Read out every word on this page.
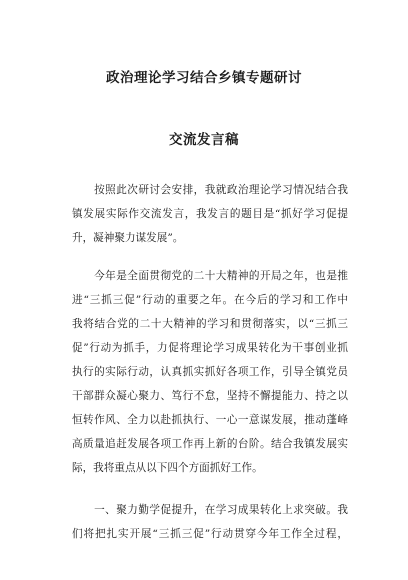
政治理论学习结合乡镇专题研讨
交流发言稿
　　按照此次研讨会安排，我就政治理论学习情况结合我
镇发展实际作交流发言，我发言的题目是“抓好学习促提
升，凝神聚力谋发展”。
　　今年是全面贯彻党的二十大精神的开局之年，也是推
进“三抓三促”行动的重要之年。在今后的学习和工作中
我将结合党的二十大精神的学习和贯彻落实，以“三抓三
促”行动为抓手，力促将理论学习成果转化为干事创业抓
执行的实际行动，认真抓实抓好各项工作，引导全镇党员
干部群众凝心聚力、笃行不怠，坚持不懈提能力、持之以
恒转作风、全力以赴抓执行、一心一意谋发展，推动蓬峰
高质量追赶发展各项工作再上新的台阶。结合我镇发展实
际，我将重点从以下四个方面抓好工作。
　　一、聚力勤学促提升，在学习成果转化上求突破。我
们将把扎实开展“三抓三促”行动贯穿今年工作全过程，
